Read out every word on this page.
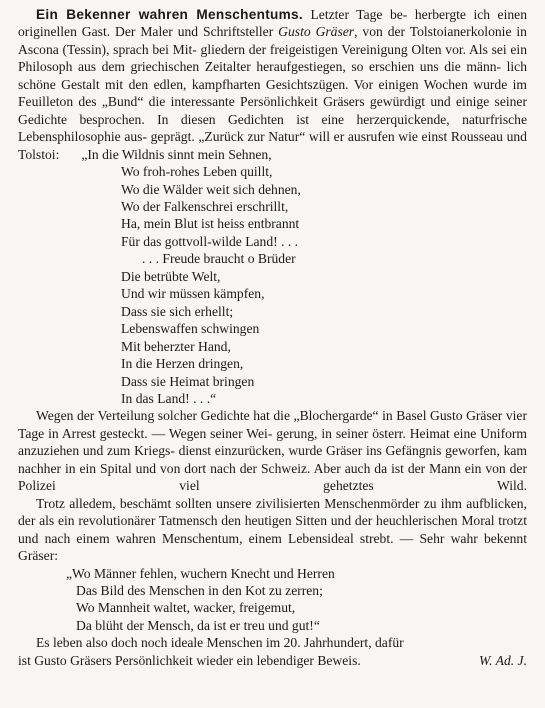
Ein Bekenner wahren Menschentums. Letzter Tage be- herbergte ich einen originellen Gast. Der Maler und Schriftsteller Gusto Gräser, von der Tolstoianerkolonie in Ascona (Tessin), sprach bei Mit- gliedern der freigeistigen Vereinigung Olten vor. Als sei ein Philosoph aus dem griechischen Zeitalter heraufgestiegen, so erschien uns die männ- lich schöne Gestalt mit den edlen, kampfharten Gesichtszügen. Vor einigen Wochen wurde im Feuilleton des „Bund“ die interessante Persönlichkeit Gräsers gewürdigt und einige seiner Gedichte besprochen. In diesen Gedichten ist eine herzerquickende, naturfrische Lebensphilosophie aus- geprägt. „Zurück zur Natur“ will er ausrufen wie einst Rousseau und

Tolstoi: „In die Wildnis sinnt mein Sehnen,
Wo froh-rohes Leben quillt,
Wo die Wälder weit sich dehnen,
Wo der Falkenschrei erschrillt,
Ha, mein Blut ist heiss entbrannt
Für das gottvoll-wilde Land! . . .
. . . Freude braucht o Brüder
Die betrübte Welt,
Und wir müssen kämpfen,
Dass sie sich erhellt;
Lebenswaffen schwingen
Mit beherzter Hand,
In die Herzen dringen,
Dass sie Heimat bringen
In das Land! . . .“

Wegen der Verteilung solcher Gedichte hat die „Blochergarde“ in Basel Gusto Gräser vier Tage in Arrest gesteckt. — Wegen seiner Wei- gerung, in seiner österr. Heimat eine Uniform anzuziehen und zum Kriegs- dienst einzurücken, wurde Gräser ins Gefängnis geworfen, kam nachher in ein Spital und von dort nach der Schweiz. Aber auch da ist der Mann ein von der Polizei viel gehetztes Wild.

Trotz alledem, beschämt sollten unsere zivilisierten Menschenmörder zu ihm aufblicken, der als ein revolutionärer Tatmensch den heutigen Sitten und der heuchlerischen Moral trotzt und nach einem wahren Menschentum, einem Lebensideal strebt. — Sehr wahr bekennt Gräser:

„Wo Männer fehlen, wuchern Knecht und Herren
Das Bild des Menschen in den Kot zu zerren;
Wo Mannheit waltet, wacker, freigemut,
Da blüht der Mensch, da ist er treu und gut!“

Es leben also doch noch ideale Menschen im 20. Jahrhundert, dafür

ist Gusto Gräsers Persönlichkeit wieder ein lebendiger Beweis.	W. Ad. J.
